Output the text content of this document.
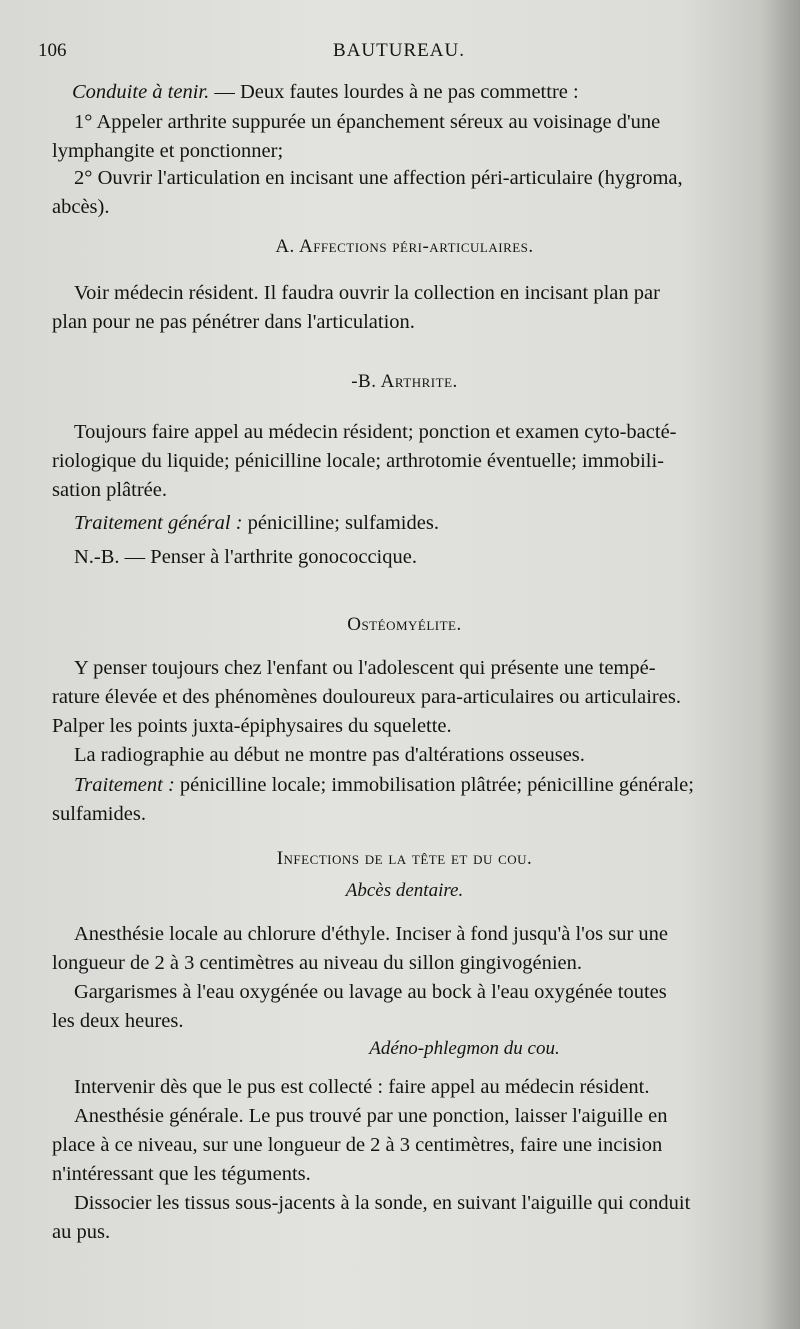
106	BAUTUREAU.
Conduite à tenir. — Deux fautes lourdes à ne pas commettre :
1° Appeler arthrite suppurée un épanchement séreux au voisinage d'une
lymphangite et ponctionner;
2° Ouvrir l'articulation en incisant une affection péri-articulaire (hygroma,
abcès).
A. Affections péri-articulaires.
Voir médecin résident. Il faudra ouvrir la collection en incisant plan par
plan pour ne pas pénétrer dans l'articulation.
-B. Arthrite.
Toujours faire appel au médecin résident; ponction et examen cyto-bacté-
riologique du liquide; pénicilline locale; arthrotomie éventuelle; immobili-
sation plâtrée.
Traitement général : pénicilline; sulfamides.
N.-B. — Penser à l'arthrite gonococcique.
Ostéomyélite.
Y penser toujours chez l'enfant ou l'adolescent qui présente une tempé-
rature élevée et des phénomènes douloureux para-articulaires ou articulaires.
Palper les points juxta-épiphysaires du squelette.
La radiographie au début ne montre pas d'altérations osseuses.
Traitement : pénicilline locale; immobilisation plâtrée; pénicilline générale;
sulfamides.
Infections de la tête et du cou.
Abcès dentaire.
Anesthésie locale au chlorure d'éthyle. Inciser à fond jusqu'à l'os sur une
longueur de 2 à 3 centimètres au niveau du sillon gingivogénien.
Gargarismes à l'eau oxygénée ou lavage au bock à l'eau oxygénée toutes
les deux heures.
Adéno-phlegmon du cou.
Intervenir dès que le pus est collecté : faire appel au médecin résident.
Anesthésie générale. Le pus trouvé par une ponction, laisser l'aiguille en
place à ce niveau, sur une longueur de 2 à 3 centimètres, faire une incision
n'intéressant que les téguments.
Dissocier les tissus sous-jacents à la sonde, en suivant l'aiguille qui conduit
au pus.
